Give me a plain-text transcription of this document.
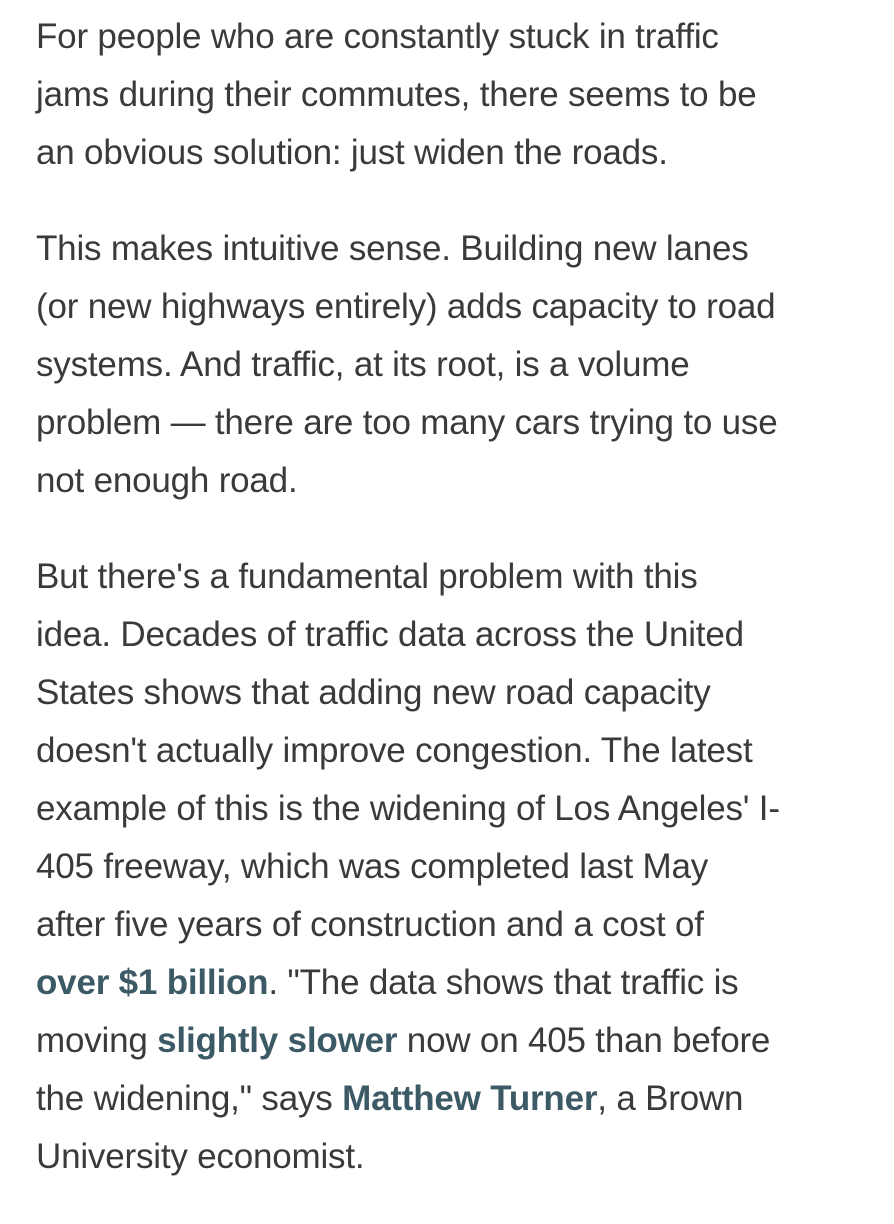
For people who are constantly stuck in traffic
jams during their commutes, there seems to be
an obvious solution: just widen the roads.

This makes intuitive sense. Building new lanes
(or new highways entirely) adds capacity to road
systems. And traffic, at its root, is a volume
problem — there are too many cars trying to use
not enough road.

But there's a fundamental problem with this
idea. Decades of traffic data across the United
States shows that adding new road capacity
doesn't actually improve congestion. The latest
example of this is the widening of Los Angeles' I-
405 freeway, which was completed last May
after five years of construction and a cost of
over $1 billion. "The data shows that traffic is
moving slightly slower now on 405 than before
the widening," says Matthew Turner, a Brown
University economist.
